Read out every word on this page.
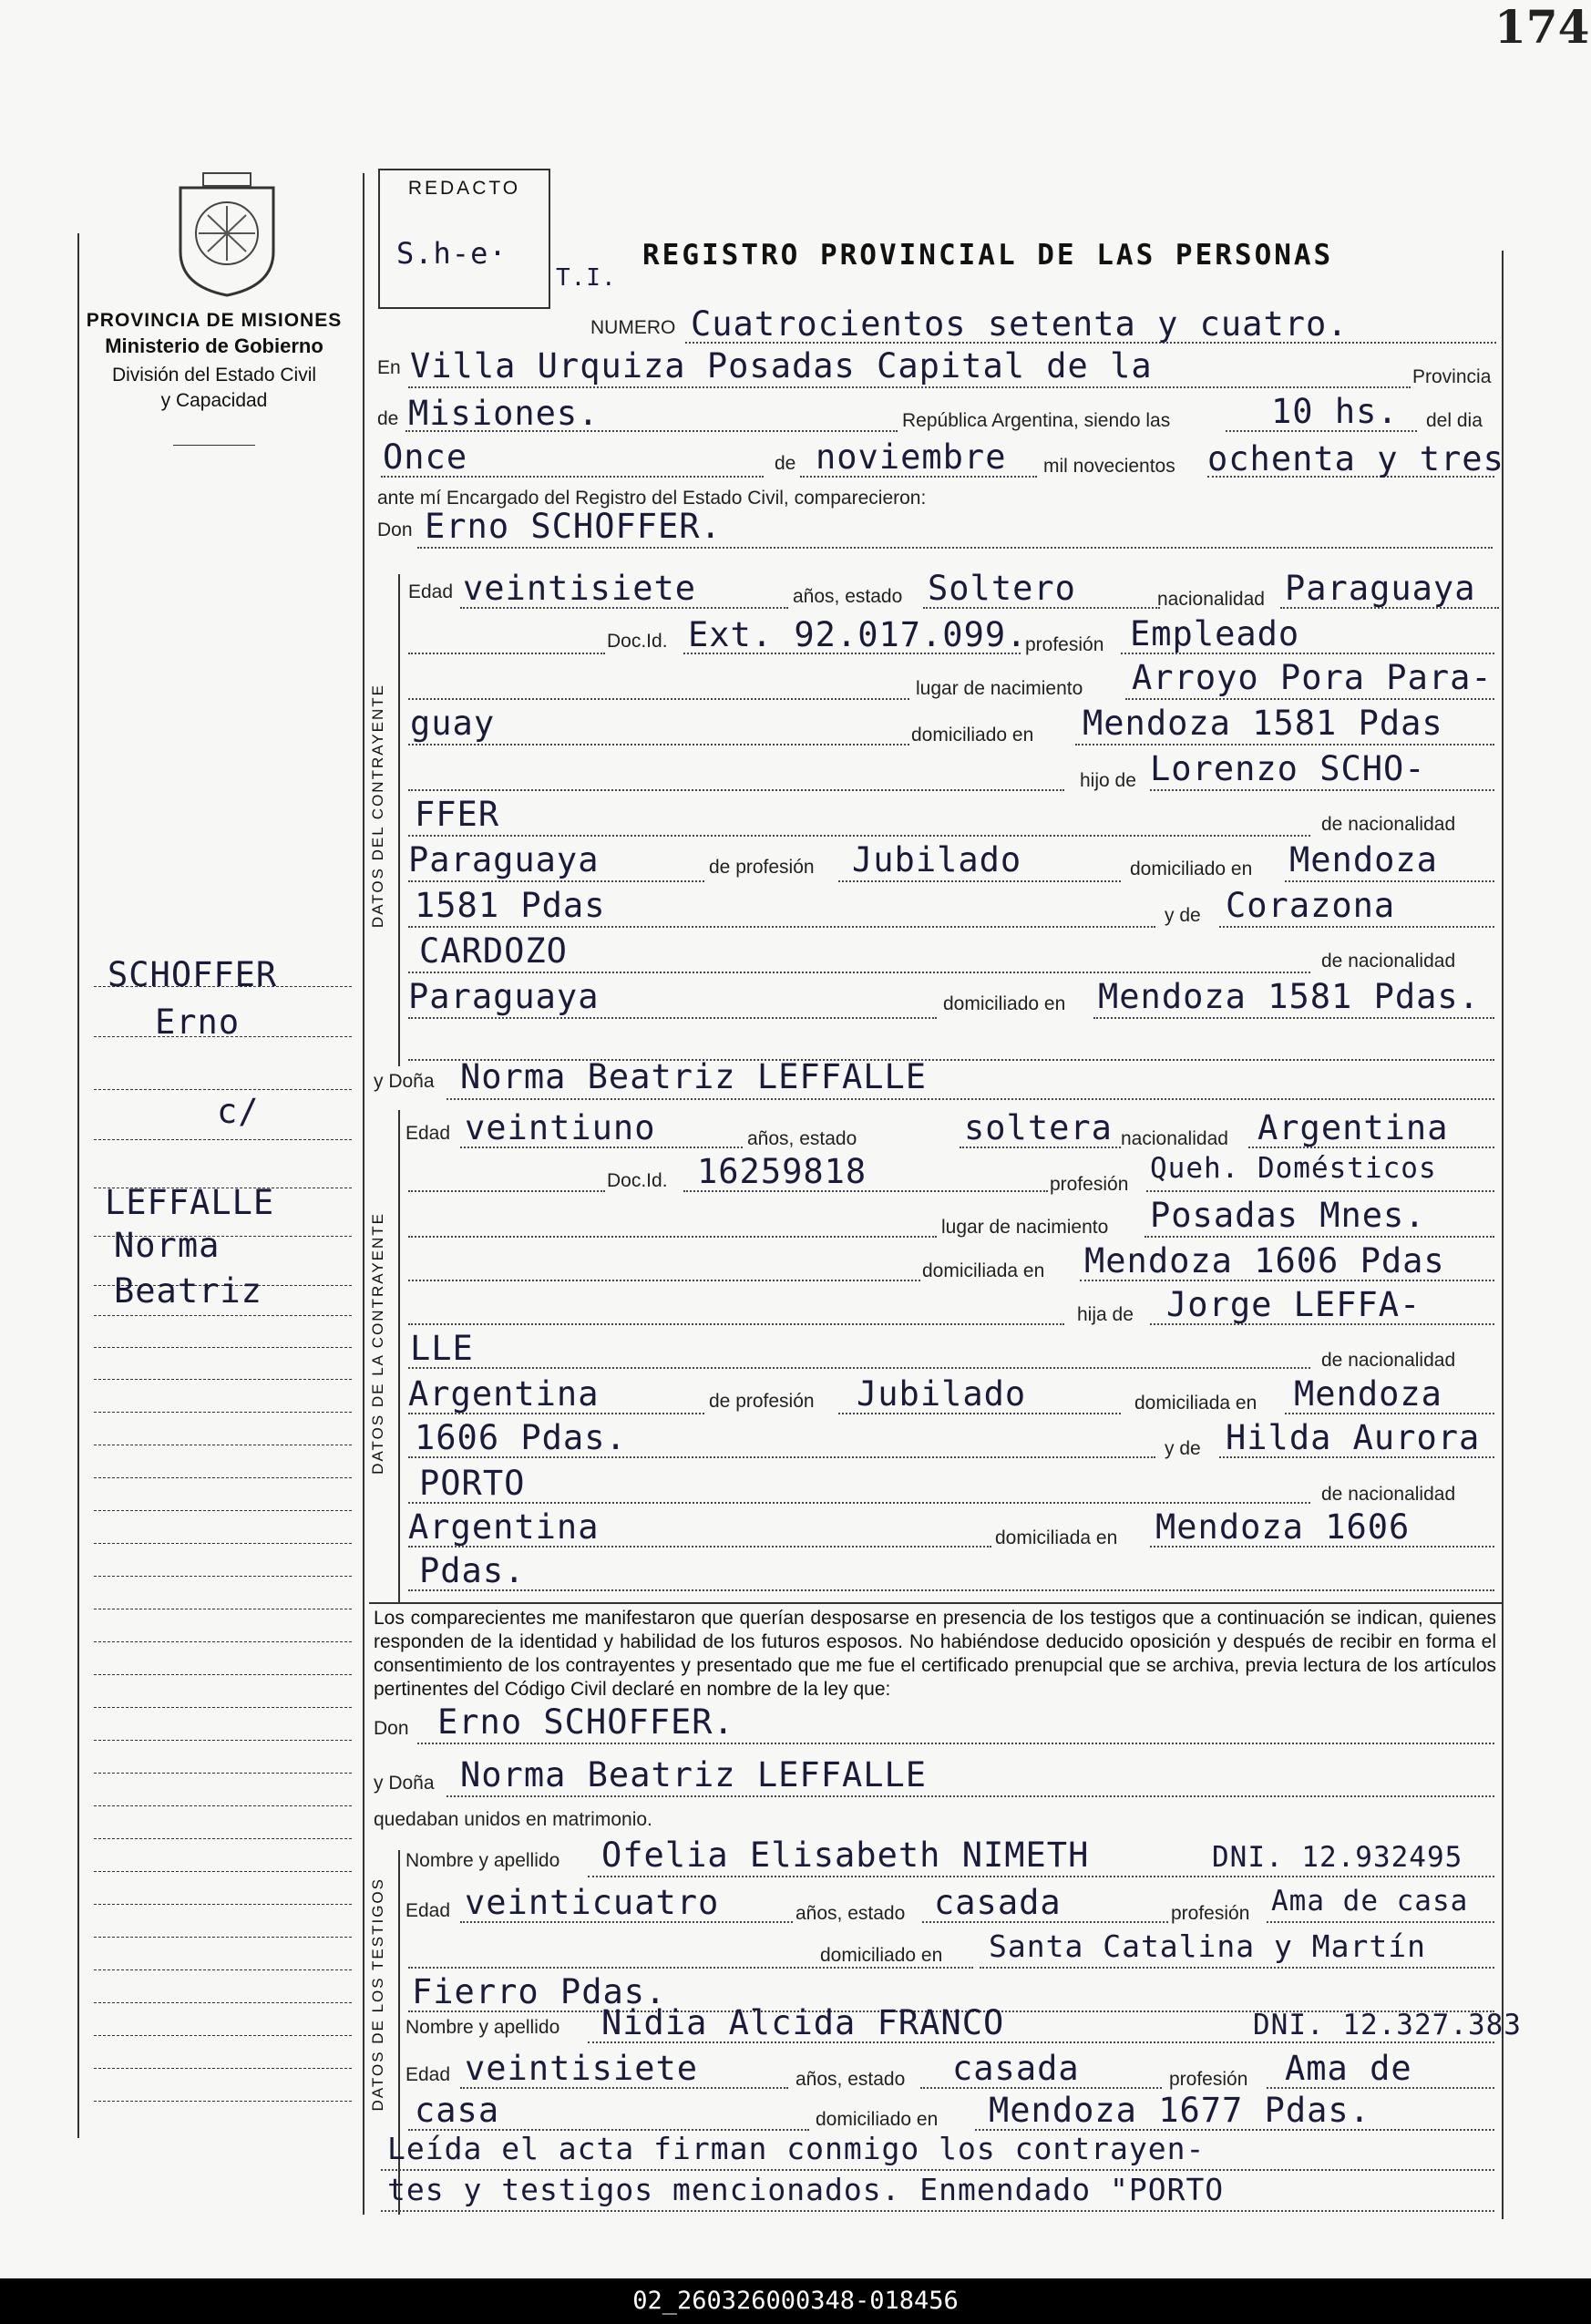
174
PROVINCIA DE MISIONES
Ministerio de Gobierno
División del Estado Civil
y Capacidad
SCHOFFER
Erno
c/
LEFFALLE
Norma
Beatriz
REDACTO
S.h-e·
T.I.
REGISTRO PROVINCIAL DE LAS PERSONAS
NUMERO Cuatrocientos setenta y cuatro.
En Villa Urquiza Posadas Capital de la	Provincia
de Misiones.	República Argentina, siendo las	10 hs. del dia
Once	de noviembre mil novecientos ochenta y tres
ante mí Encargado del Registro del Estado Civil, comparecieron:
Don Erno SCHOFFER.
DATOS DEL CONTRAYENTE
Edad veintisiete	años, estado Soltero	nacionalidad Paraguaya
Doc.Id. Ext. 92.017.099.
profesión Empleado
lugar de nacimiento Arroyo Pora Para-
guay	domiciliado en Mendoza 1581 Pdas
hijo de Lorenzo SCHO-
FFER	de nacionalidad
Paraguaya	de profesión Jubilado	domiciliado en Mendoza
1581 Pdas	y de Corazona
CARDOZO	de nacionalidad
Paraguaya	domiciliado en Mendoza 1581 Pdas.
y Doña Norma Beatriz LEFFALLE
DATOS DE LA CONTRAYENTE
Edad veintiuno	años, estado	soltera nacionalidad Argentina
Doc.Id. 16259818	profesión Queh. Domésticos
lugar de nacimiento Posadas Mnes.
domiciliada en Mendoza 1606 Pdas
hija de Jorge LEFFA-
LLE	de nacionalidad
Argentina	de profesión Jubilado	domiciliada en Mendoza
1606 Pdas.	y de Hilda Aurora
PORTO	de nacionalidad
Argentina	domiciliada en Mendoza 1606
Pdas.
Los comparecientes me manifestaron que querían desposarse en presencia de los testigos que a continuación se indican, quienes responden de la identidad y habilidad de los futuros esposos. No habiéndose deducido oposición y después de recibir en forma el consentimiento de los contrayentes y presentado que me fue el certificado prenupcial que se archiva, previa lectura de los artículos pertinentes del Código Civil declaré en nombre de la ley que:
Don Erno SCHOFFER.
y Doña Norma Beatriz LEFFALLE
quedaban unidos en matrimonio.
DATOS DE LOS TESTIGOS
Nombre y apellido Ofelia Elisabeth NIMETH	DNI. 12.932495
Edad veinticuatro	años, estado casada	profesión Ama de casa
domiciliado en Santa Catalina y Martín
Fierro Pdas.
Nombre y apellido Nidia Alcida FRANCO	DNI. 12.327.383
Edad veintisiete	años, estado casada	profesión Ama de
casa	domiciliado en Mendoza 1677 Pdas.
Leída el acta firman conmigo los contrayen-
tes y testigos mencionados. Enmendado "PORTO
02_260326000348-018456
